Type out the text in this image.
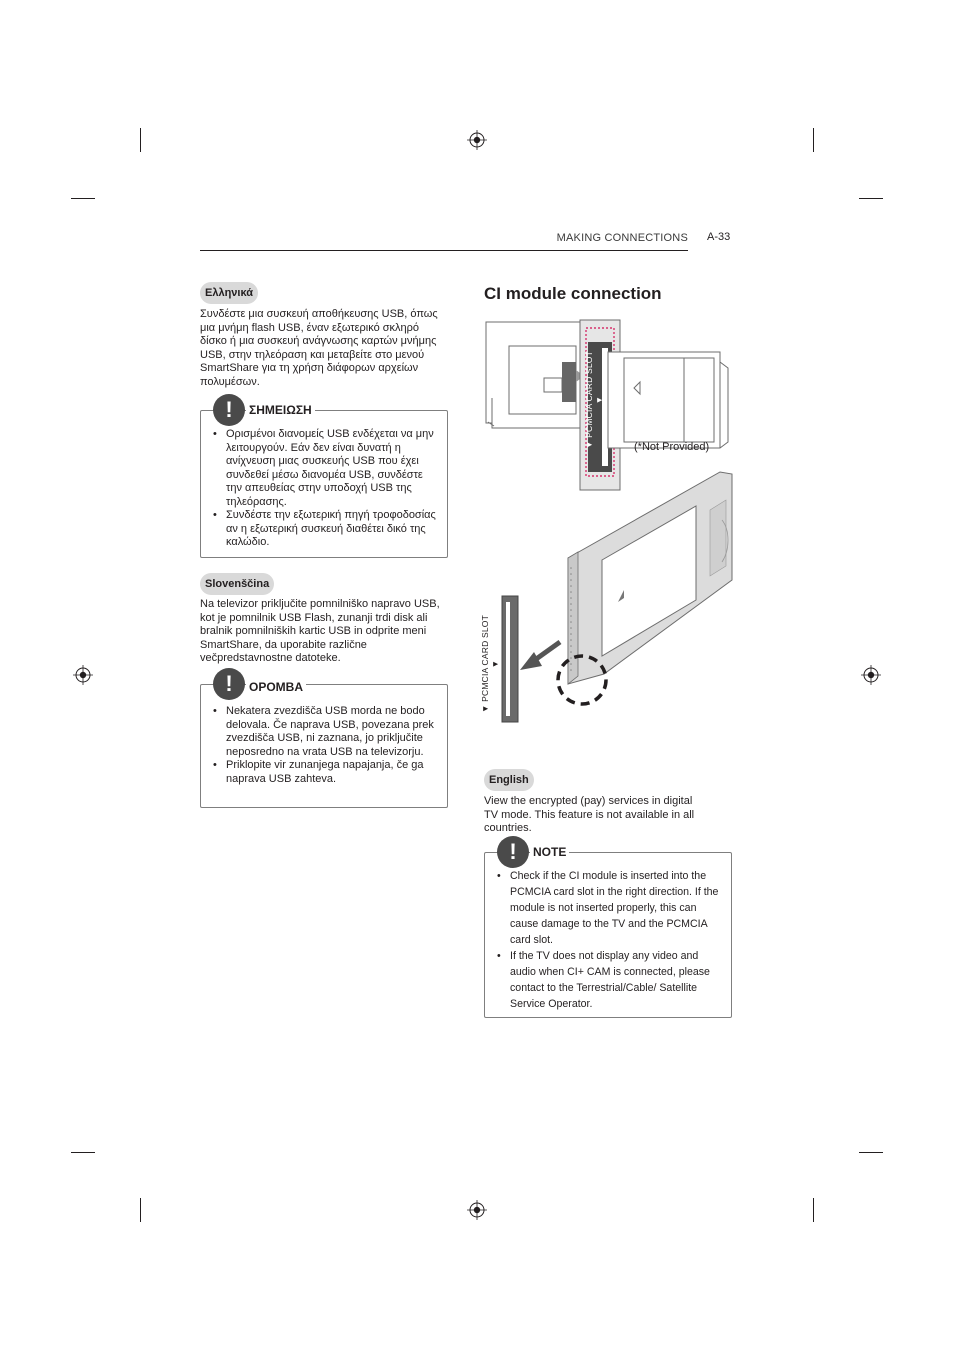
MAKING CONNECTIONS A-33
Ελληνικά
Συνδέστε μια συσκευή αποθήκευσης USB, όπως μια μνήμη flash USB, έναν εξωτερικό σκληρό δίσκο ή μια συσκευή ανάγνωσης καρτών μνήμης USB, στην τηλεόραση και μεταβείτε στο μενού SmartShare για τη χρήση διάφορων αρχείων πολυμέσων.
! ΣΗΜΕΙΩΣΗ
• Ορισμένοι διανομείς USB ενδέχεται να μην λειτουργούν. Εάν δεν είναι δυνατή η ανίχνευση μιας συσκευής USB που έχει συνδεθεί μέσω διανομέα USB, συνδέστε την απευθείας στην υποδοχή USB της τηλεόρασης.
• Συνδέστε την εξωτερική πηγή τροφοδοσίας αν η εξωτερική συσκευή διαθέτει δικό της καλώδιο.
Slovenščina
Na televizor priključite pomnilniško napravo USB, kot je pomnilnik USB Flash, zunanji trdi disk ali bralnik pomnilniških kartic USB in odprite meni SmartShare, da uporabite različne večpredstavnostne datoteke.
! OPOMBA
• Nekatera zvezdišča USB morda ne bodo delovala. Če naprava USB, povezana prek zvezdišča USB, ni zaznana, jo priključite neposredno na vrata USB na televizorju.
• Priklopite vir zunanjega napajanja, če ga naprava USB zahteva.
CI module connection
▼ PCMCIA CARD SLOT ▼
(*Not Provided)
▼ PCMCIA CARD SLOT ▼
English
View the encrypted (pay) services in digital TV mode. This feature is not available in all countries.
! NOTE
• Check if the CI module is inserted into the PCMCIA card slot in the right direction. If the module is not inserted properly, this can cause damage to the TV and the PCMCIA card slot.
• If the TV does not display any video and audio when CI+ CAM is connected, please contact to the Terrestrial/Cable/ Satellite Service Operator.
